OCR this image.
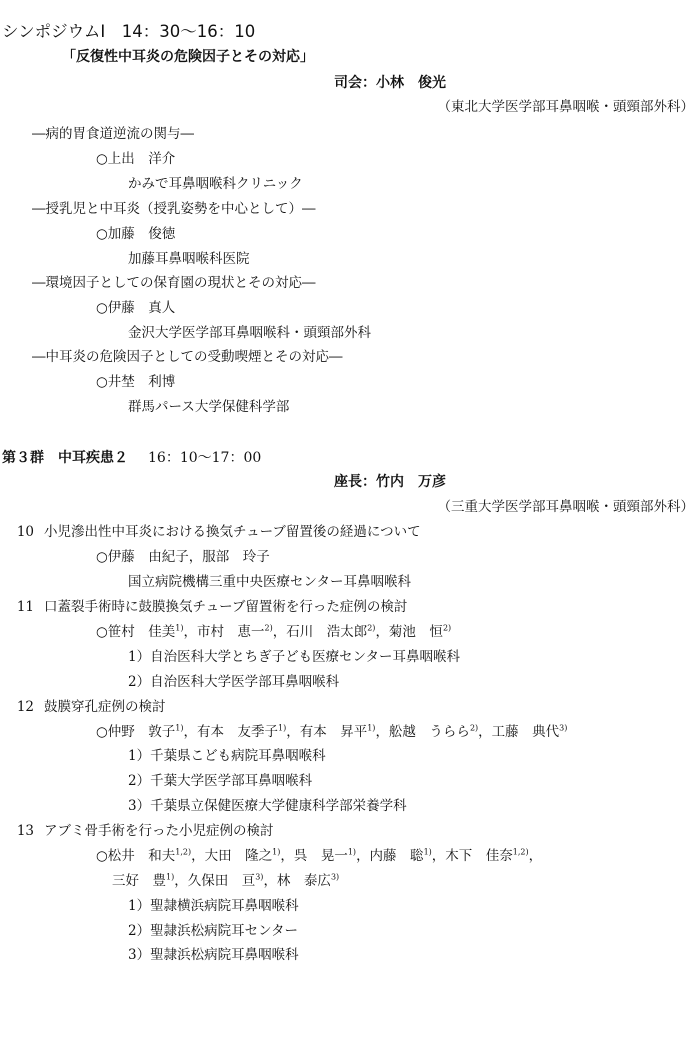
シンポジウムⅠ　14：30〜16：10
「反復性中耳炎の危険因子とその対応」
司会：小林　俊光
（東北大学医学部耳鼻咽喉・頭頸部外科）
―病的胃食道逆流の関与―
○上出　洋介
かみで耳鼻咽喉科クリニック
―授乳児と中耳炎（授乳姿勢を中心として）―
○加藤　俊徳
加藤耳鼻咽喉科医院
―環境因子としての保育園の現状とその対応―
○伊藤　真人
金沢大学医学部耳鼻咽喉科・頭頸部外科
―中耳炎の危険因子としての受動喫煙とその対応―
○井埜　利博
群馬パース大学保健科学部
第３群　中耳疾患２ 16：10〜17：00
座長：竹内　万彦
（三重大学医学部耳鼻咽喉・頭頸部外科）
10 小児滲出性中耳炎における換気チューブ留置後の経過について
○伊藤　由紀子，服部　玲子
国立病院機構三重中央医療センター耳鼻咽喉科
11 口蓋裂手術時に鼓膜換気チューブ留置術を行った症例の検討
○笹村　佳美$^{1)}$，市村　恵一$^{2)}$，石川　浩太郎$^{2)}$，菊池　恒$^{2)}$
1）自治医科大学とちぎ子ども医療センター耳鼻咽喉科
2）自治医科大学医学部耳鼻咽喉科
12 鼓膜穿孔症例の検討
○仲野　敦子$^{1)}$，有本　友季子$^{1)}$，有本　昇平$^{1)}$，舩越　うらら$^{2)}$，工藤　典代$^{3)}$
1）千葉県こども病院耳鼻咽喉科
2）千葉大学医学部耳鼻咽喉科
3）千葉県立保健医療大学健康科学部栄養学科
13 アブミ骨手術を行った小児症例の検討
○松井　和夫$^{1,2)}$，大田　隆之$^{1)}$，呉　晃一$^{1)}$，内藤　聡$^{1)}$，木下　佳奈$^{1,2)}$，
三好　豊$^{1)}$，久保田　亘$^{3)}$，林　泰広$^{3)}$
1）聖隷横浜病院耳鼻咽喉科
2）聖隷浜松病院耳センター
3）聖隷浜松病院耳鼻咽喉科
